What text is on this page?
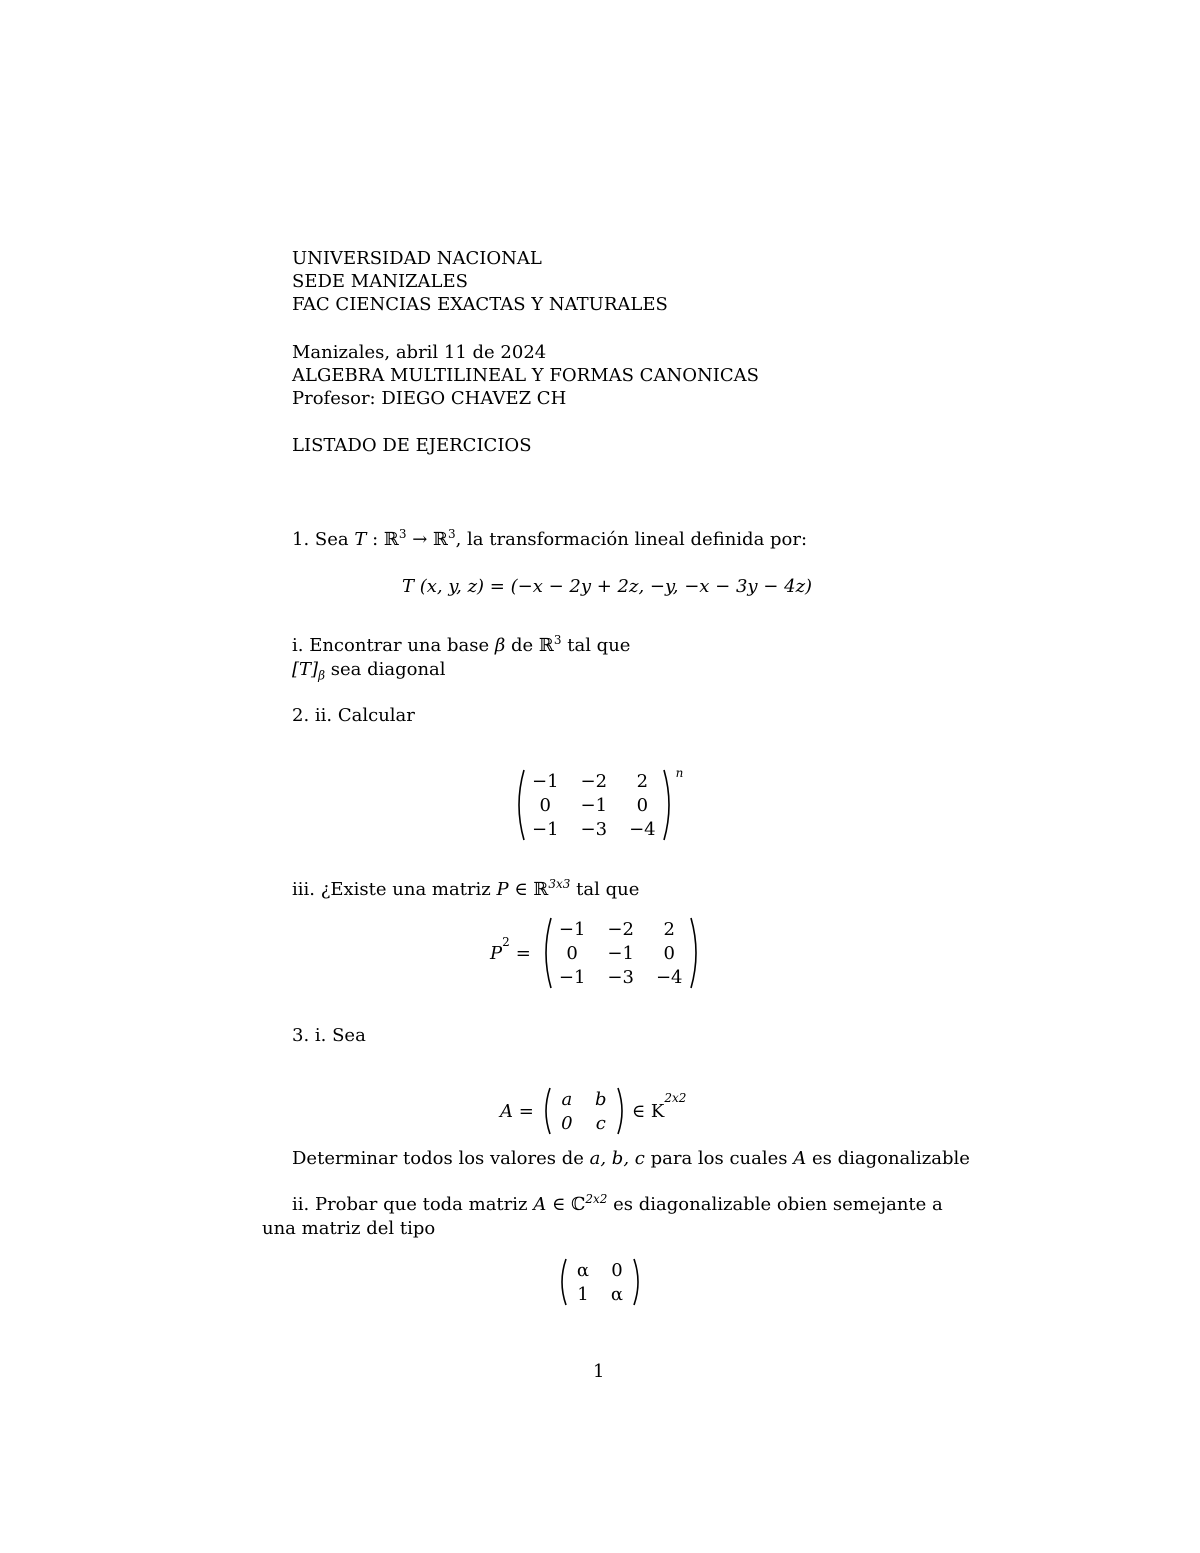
UNIVERSIDAD NACIONAL
SEDE MANIZALES
FAC CIENCIAS EXACTAS Y NATURALES
Manizales, abril 11 de 2024
ALGEBRA MULTILINEAL Y FORMAS CANONICAS
Profesor: DIEGO CHAVEZ CH
LISTADO DE EJERCICIOS
1. Sea T : ℝ$^3$ → ℝ$^3$, la transformación lineal definida por:
T (x, y, z) = (−x − 2y + 2z, −y, −x − 3y − 4z)
i. Encontrar una base β de ℝ$^3$ tal que
$[T]_\beta$ sea diagonal
2. ii. Calcular
−1 −2	2
0	−1	0
−1 −3 −4
n
iii. ¿Existe una matriz P ∈ ℝ$^{3x3}$ tal que
P
2
=
−1 −2	2
0	−1	0
−1 −3 −4
3. i. Sea
A =
a b
0 c
∈ K
2x2
Determinar todos los valores de a, b, c para los cuales A es diagonalizable
ii. Probar que toda matriz A ∈ ℂ$^{2x2}$ es diagonalizable obien semejante a
una matriz del tipo
α 0
1 α
1
